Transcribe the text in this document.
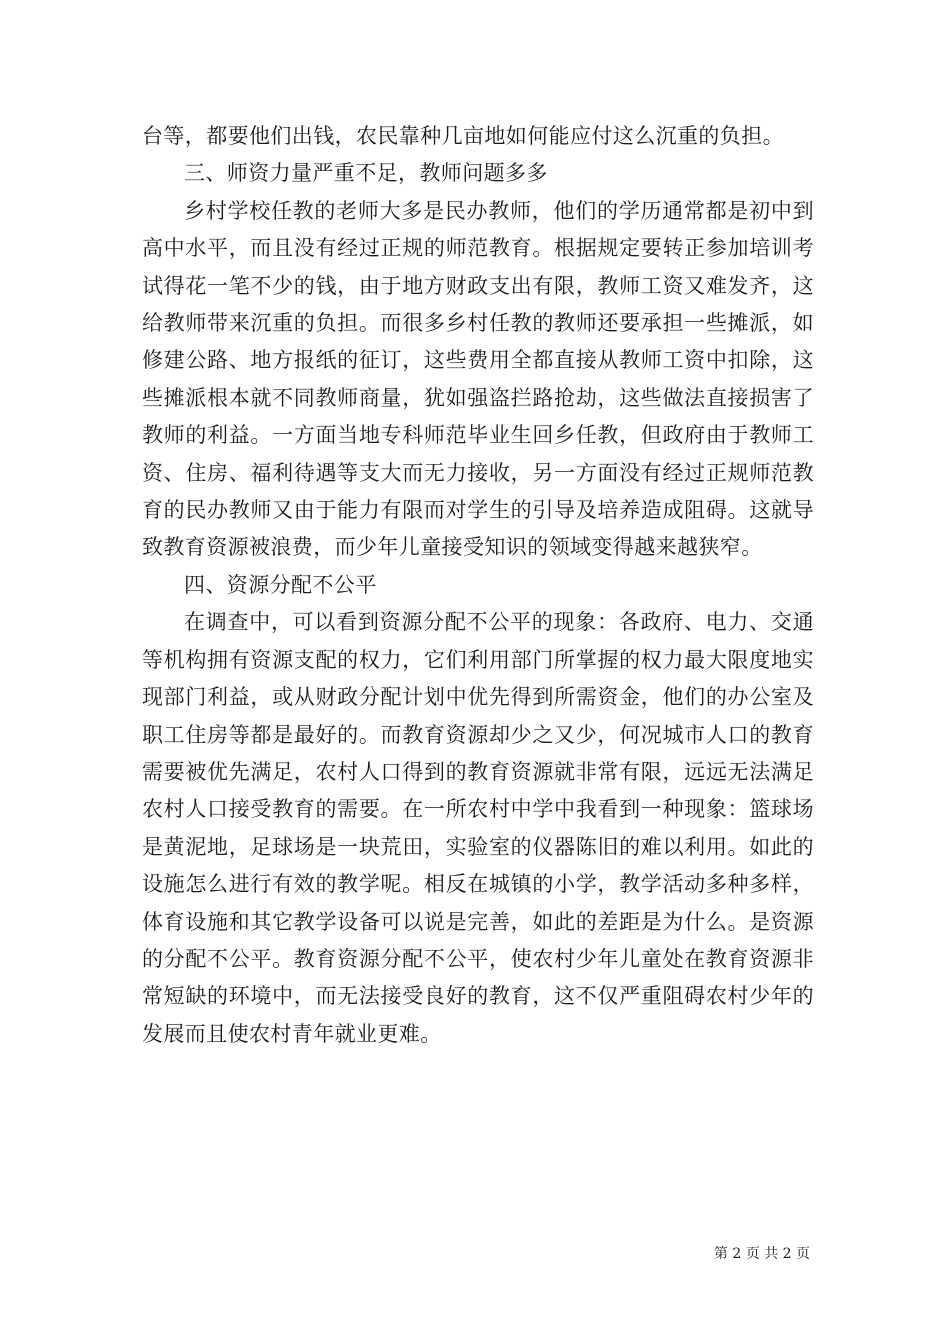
台等，都要他们出钱，农民靠种几亩地如何能应付这么沉重的负担。

三、师资力量严重不足，教师问题多多

乡村学校任教的老师大多是民办教师，他们的学历通常都是初中到高中水平，而且没有经过正规的师范教育。根据规定要转正参加培训考试得花一笔不少的钱，由于地方财政支出有限，教师工资又难发齐，这给教师带来沉重的负担。而很多乡村任教的教师还要承担一些摊派，如修建公路、地方报纸的征订，这些费用全都直接从教师工资中扣除，这些摊派根本就不同教师商量，犹如强盗拦路抢劫，这些做法直接损害了教师的利益。一方面当地专科师范毕业生回乡任教，但政府由于教师工资、住房、福利待遇等支大而无力接收，另一方面没有经过正规师范教育的民办教师又由于能力有限而对学生的引导及培养造成阻碍。这就导致教育资源被浪费，而少年儿童接受知识的领域变得越来越狭窄。

四、资源分配不公平

在调查中，可以看到资源分配不公平的现象：各政府、电力、交通等机构拥有资源支配的权力，它们利用部门所掌握的权力最大限度地实现部门利益，或从财政分配计划中优先得到所需资金，他们的办公室及职工住房等都是最好的。而教育资源却少之又少，何况城市人口的教育需要被优先满足，农村人口得到的教育资源就非常有限，远远无法满足农村人口接受教育的需要。在一所农村中学中我看到一种现象：篮球场是黄泥地，足球场是一块荒田，实验室的仪器陈旧的难以利用。如此的设施怎么进行有效的教学呢。相反在城镇的小学，教学活动多种多样，体育设施和其它教学设备可以说是完善，如此的差距是为什么。是资源的分配不公平。教育资源分配不公平，使农村少年儿童处在教育资源非常短缺的环境中，而无法接受良好的教育，这不仅严重阻碍农村少年的发展而且使农村青年就业更难。

第 2 页 共 2 页
